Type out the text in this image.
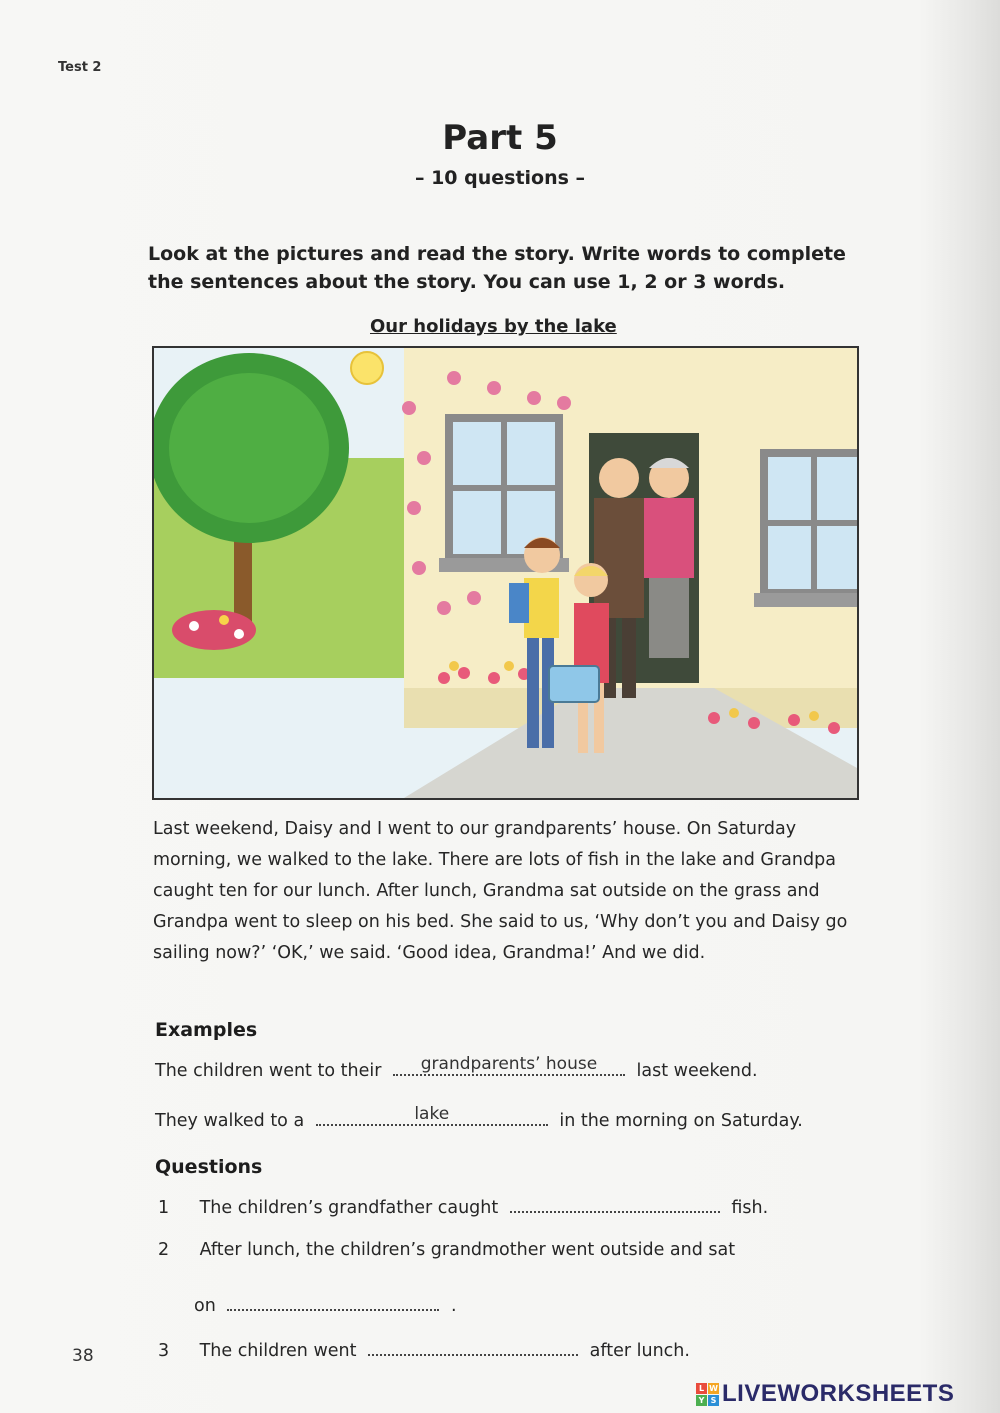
Test 2
Part 5
– 10 questions –
Look at the pictures and read the story. Write words to complete the sentences about the story. You can use 1, 2 or 3 words.
Our holidays by the lake
Last weekend, Daisy and I went to our grandparents’ house. On Saturday morning, we walked to the lake. There are lots of fish in the lake and Grandpa caught ten for our lunch. After lunch, Grandma sat outside on the grass and Grandpa went to sleep on his bed. She said to us, ‘Why don’t you and Daisy go sailing now?’ ‘OK,’ we said. ‘Good idea, Grandma!’ And we did.
Examples
The children went to their	grandparents’ house	last weekend.
They walked to a	lake	in the morning on Saturday.
Questions
1 The children’s grandfather caught	fish.
2 After lunch, the children’s grandmother went outside and sat
on	.
3 The children went	after lunch.
38
L W
Y S LIVEWORKSHEETS
